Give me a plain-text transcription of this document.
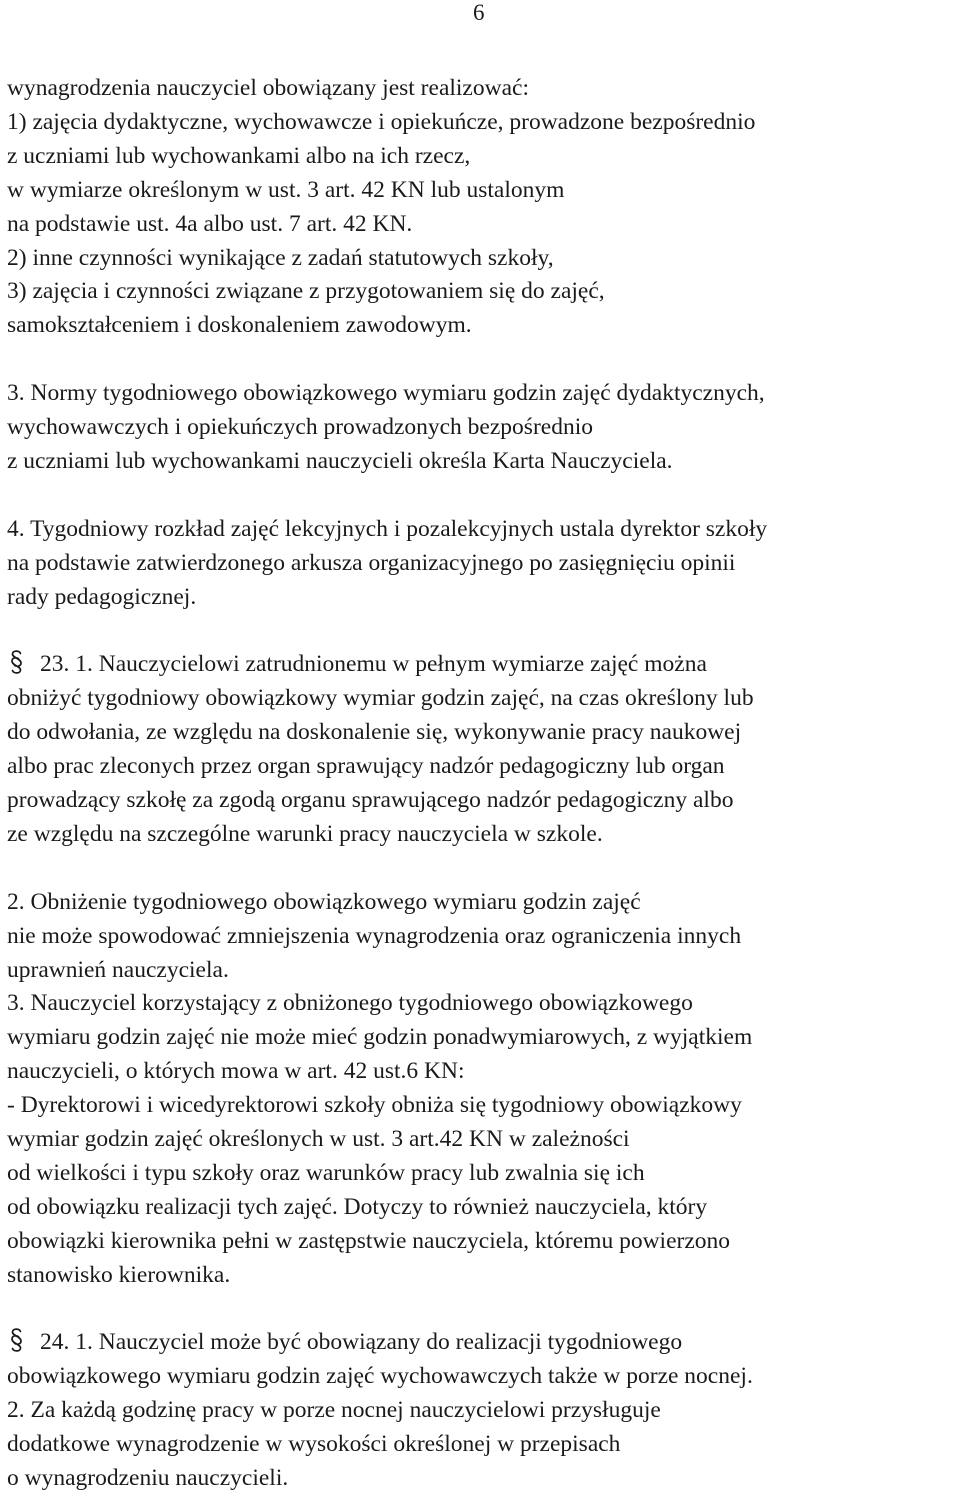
6
wynagrodzenia nauczyciel obowiązany jest realizować:
1) zajęcia dydaktyczne, wychowawcze i opiekuńcze, prowadzone bezpośrednio
z uczniami lub wychowankami albo na ich rzecz,
w wymiarze określonym w ust. 3 art. 42 KN lub ustalonym
na podstawie ust. 4a albo ust. 7 art. 42 KN.
2) inne czynności wynikające z zadań statutowych szkoły,
3) zajęcia i czynności związane z przygotowaniem się do zajęć,
samokształceniem i doskonaleniem zawodowym.
3. Normy tygodniowego obowiązkowego wymiaru godzin zajęć dydaktycznych,
wychowawczych i opiekuńczych prowadzonych bezpośrednio
z uczniami lub wychowankami nauczycieli określa Karta Nauczyciela.
4. Tygodniowy rozkład zajęć lekcyjnych i pozalekcyjnych ustala dyrektor szkoły
na podstawie zatwierdzonego arkusza organizacyjnego po zasięgnięciu opinii
rady pedagogicznej.
23. 1. Nauczycielowi zatrudnionemu w pełnym wymiarze zajęć można
obniżyć tygodniowy obowiązkowy wymiar godzin zajęć, na czas określony lub
do odwołania, ze względu na doskonalenie się, wykonywanie pracy naukowej
albo prac zleconych przez organ sprawujący nadzór pedagogiczny lub organ
prowadzący szkołę za zgodą organu sprawującego nadzór pedagogiczny albo
ze względu na szczególne warunki pracy nauczyciela w szkole.
2. Obniżenie tygodniowego obowiązkowego wymiaru godzin zajęć
nie może spowodować zmniejszenia wynagrodzenia oraz ograniczenia innych
uprawnień nauczyciela.
3. Nauczyciel korzystający z obniżonego tygodniowego obowiązkowego
wymiaru godzin zajęć nie może mieć godzin ponadwymiarowych, z wyjątkiem
nauczycieli, o których mowa w art. 42 ust.6 KN:
- Dyrektorowi i wicedyrektorowi szkoły obniża się tygodniowy obowiązkowy
wymiar godzin zajęć określonych w ust. 3 art.42 KN w zależności
od wielkości i typu szkoły oraz warunków pracy lub zwalnia się ich
od obowiązku realizacji tych zajęć. Dotyczy to również nauczyciela, który
obowiązki kierownika pełni w zastępstwie nauczyciela, któremu powierzono
stanowisko kierownika.
24. 1. Nauczyciel może być obowiązany do realizacji tygodniowego
obowiązkowego wymiaru godzin zajęć wychowawczych także w porze nocnej.
2. Za każdą godzinę pracy w porze nocnej nauczycielowi przysługuje
dodatkowe wynagrodzenie w wysokości określonej w przepisach
o wynagrodzeniu nauczycieli.
